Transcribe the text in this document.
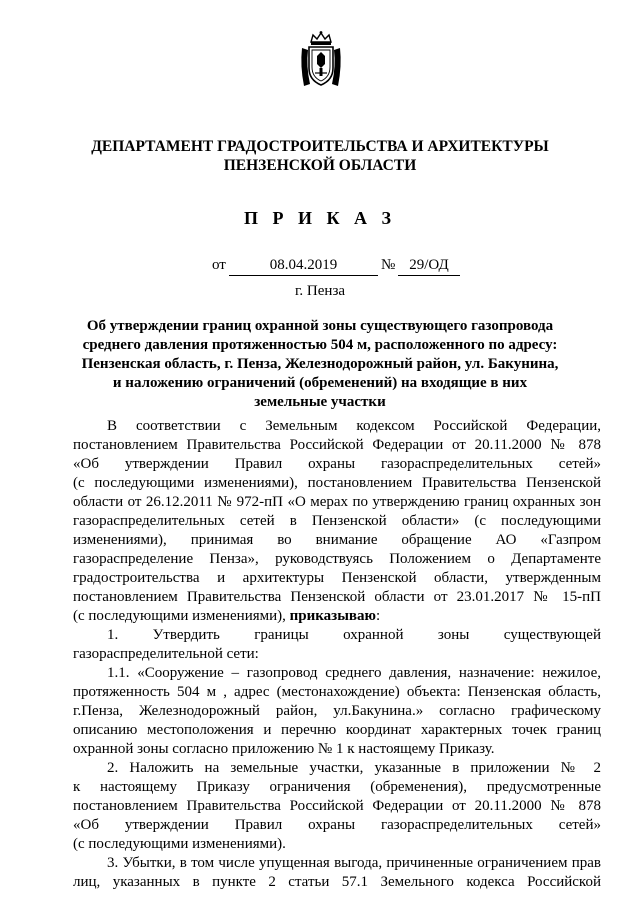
ДЕПАРТАМЕНТ ГРАДОСТРОИТЕЛЬСТВА И АРХИТЕКТУРЫ
ПЕНЗЕНСКОЙ ОБЛАСТИ
П Р И К А З
от	08.04.2019	№ 29/ОД
г. Пенза
Об утверждении границ охранной зоны существующего газопровода
среднего давления протяженностью 504 м, расположенного по адресу:
Пензенская область, г. Пенза, Железнодорожный район, ул. Бакунина,
и наложению ограничений (обременений) на входящие в них
земельные участки
В соответствии с Земельным кодексом Российской Федерации,
постановлением Правительства Российской Федерации от 20.11.2000 № 878
«Об утверждении Правил охраны газораспределительных сетей»
(с последующими изменениями), постановлением Правительства Пензенской
области от 26.12.2011 № 972-пП «О мерах по утверждению границ охранных зон
газораспределительных сетей в Пензенской области» (с последующими
изменениями), принимая во внимание обращение АО «Газпром
газораспределение Пенза», руководствуясь Положением о Департаменте
градостроительства и архитектуры Пензенской области, утвержденным
постановлением Правительства Пензенской области от 23.01.2017 № 15-пП
(с последующими изменениями), приказываю:
1. Утвердить границы охранной зоны существующей
газораспределительной сети:
1.1. «Сооружение – газопровод среднего давления, назначение: нежилое,
протяженность 504 м , адрес (местонахождение) объекта: Пензенская область,
г.Пенза, Железнодорожный район, ул.Бакунина.» согласно графическому
описанию местоположения и перечню координат характерных точек границ
охранной зоны согласно приложению № 1 к настоящему Приказу.
2. Наложить на земельные участки, указанные в приложении № 2
к настоящему Приказу ограничения (обременения), предусмотренные
постановлением Правительства Российской Федерации от 20.11.2000 № 878
«Об утверждении Правил охраны газораспределительных сетей»
(с последующими изменениями).
3. Убытки, в том числе упущенная выгода, причиненные ограничением прав
лиц, указанных в пункте 2 статьи 57.1 Земельного кодекса Российской
